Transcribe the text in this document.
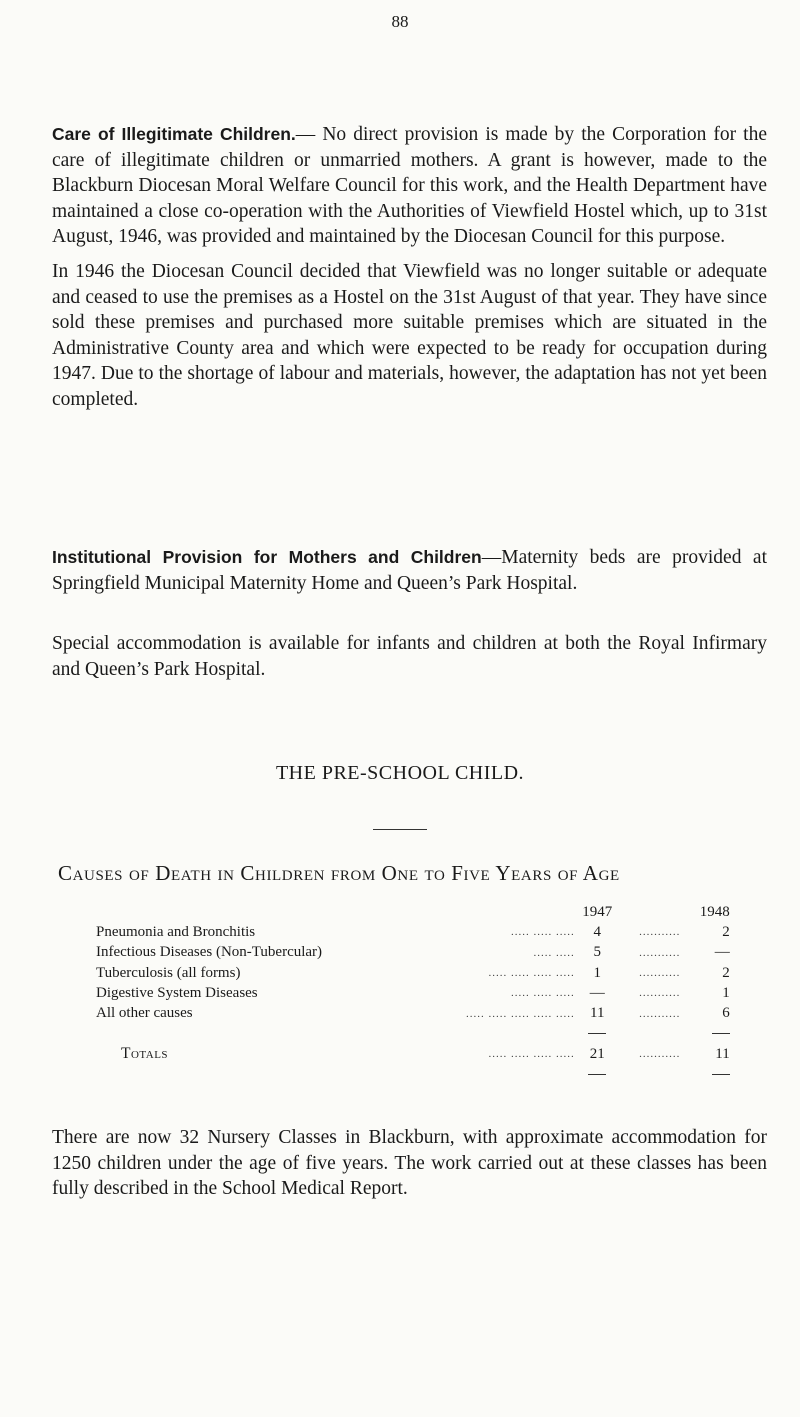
88

Care of Illegitimate Children.— No direct provision is made by the Corporation for the care of illegitimate children or unmarried mothers. A grant is however, made to the Blackburn Diocesan Moral Welfare Council for this work, and the Health Department have maintained a close co-operation with the Authorities of Viewfield Hostel which, up to 31st August, 1946, was provided and maintained by the Diocesan Council for this purpose.

In 1946 the Diocesan Council decided that Viewfield was no longer suitable or adequate and ceased to use the premises as a Hostel on the 31st August of that year. They have since sold these premises and purchased more suitable premises which are situated in the Administrative County area and which were expected to be ready for occupation during 1947. Due to the shortage of labour and materials, however, the adaptation has not yet been completed.

Institutional Provision for Mothers and Children—Maternity beds are provided at Springfield Municipal Maternity Home and Queen’s Park Hospital.

Special accommodation is available for infants and children at both the Royal Infirmary and Queen’s Park Hospital.

THE PRE-SCHOOL CHILD.

Causes of Death in Children from One to Five Years of Age

		1947		1948
Pneumonia and Bronchitis	..... ..... .....	4	...........	2
Infectious Diseases (Non-Tubercular)	..... .....	5	...........	—
Tuberculosis (all forms)	..... ..... ..... .....	1	...........	2
Digestive System Diseases	..... ..... .....	—	...........	1
All other causes	..... ..... ..... ..... .....	11	...........	6

Totals	..... ..... ..... .....	21	...........	11

There are now 32 Nursery Classes in Blackburn, with approximate accommodation for 1250 children under the age of five years. The work carried out at these classes has been fully described in the School Medical Report.
